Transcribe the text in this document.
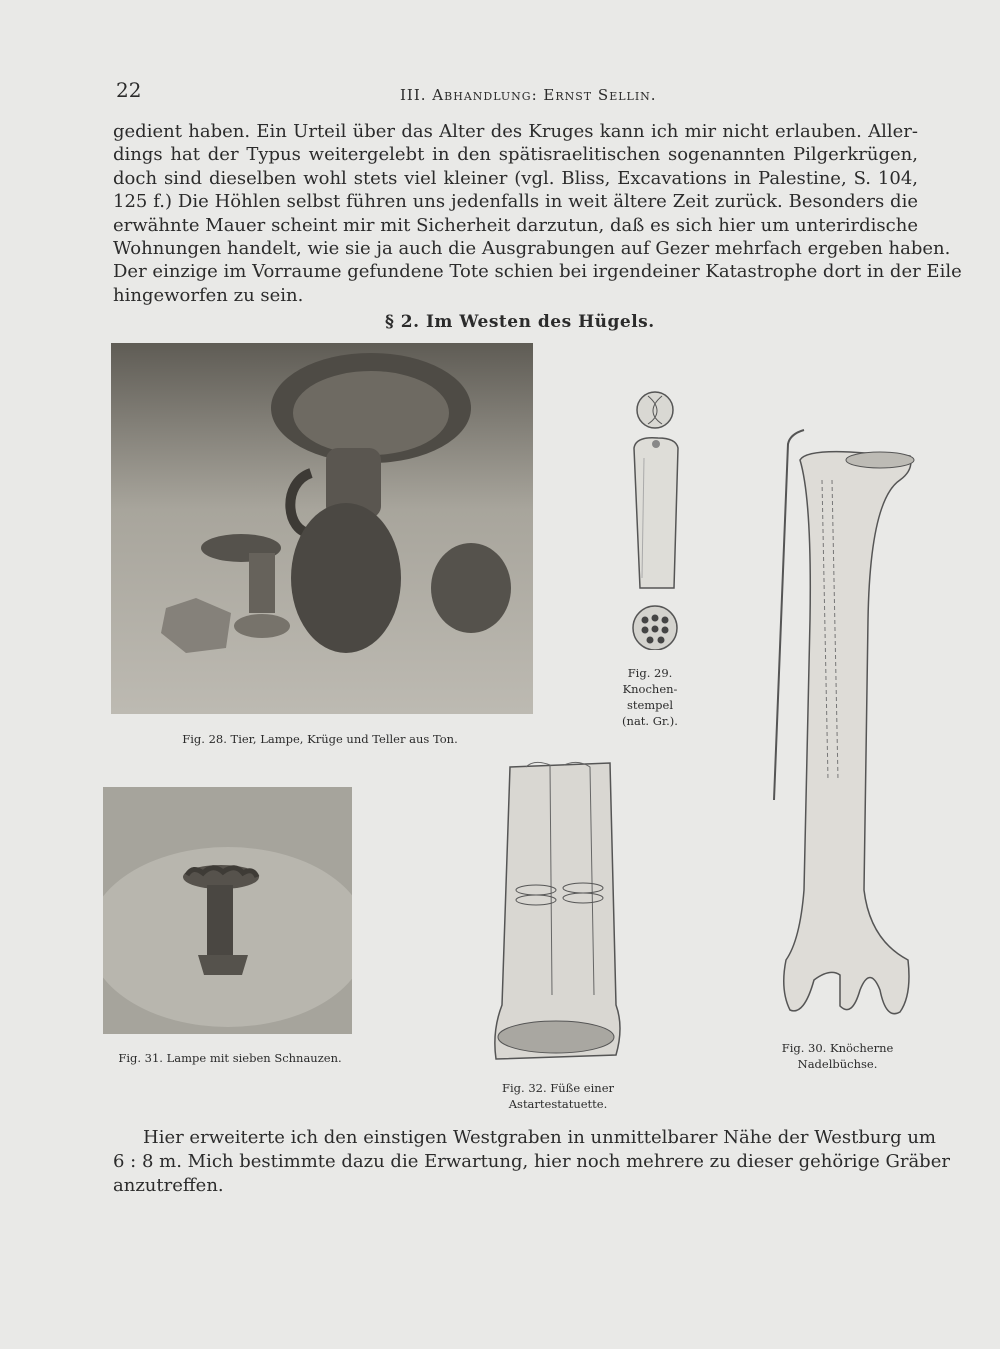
22	III. Abhandlung: Ernst Sellin.
gedient haben. Ein Urteil über das Alter des Kruges kann ich mir nicht erlauben. Aller-
dings hat der Typus weitergelebt in den spätisraelitischen sogenannten Pilgerkrügen,
doch sind dieselben wohl stets viel kleiner (vgl. Bliss, Excavations in Palestine, S. 104,
125 f.) Die Höhlen selbst führen uns jedenfalls in weit ältere Zeit zurück. Besonders die
erwähnte Mauer scheint mir mit Sicherheit darzutun, daß es sich hier um unterirdische
Wohnungen handelt, wie sie ja auch die Ausgrabungen auf Gezer mehrfach ergeben haben.
Der einzige im Vorraume gefundene Tote schien bei irgendeiner Katastrophe dort in der Eile
hingeworfen zu sein.
§ 2. Im Westen des Hügels.
Fig. 28. Tier, Lampe, Krüge und Teller aus Ton.
Fig. 29.
Knochen-
stempel
(nat. Gr.).
Fig. 30. Knöcherne
Nadelbüchse.
Fig. 31. Lampe mit sieben Schnauzen.
Fig. 32. Füße einer
Astartestatuette.
Hier erweiterte ich den einstigen Westgraben in unmittelbarer Nähe der Westburg um
6 : 8 m. Mich bestimmte dazu die Erwartung, hier noch mehrere zu dieser gehörige Gräber
anzutreffen.
